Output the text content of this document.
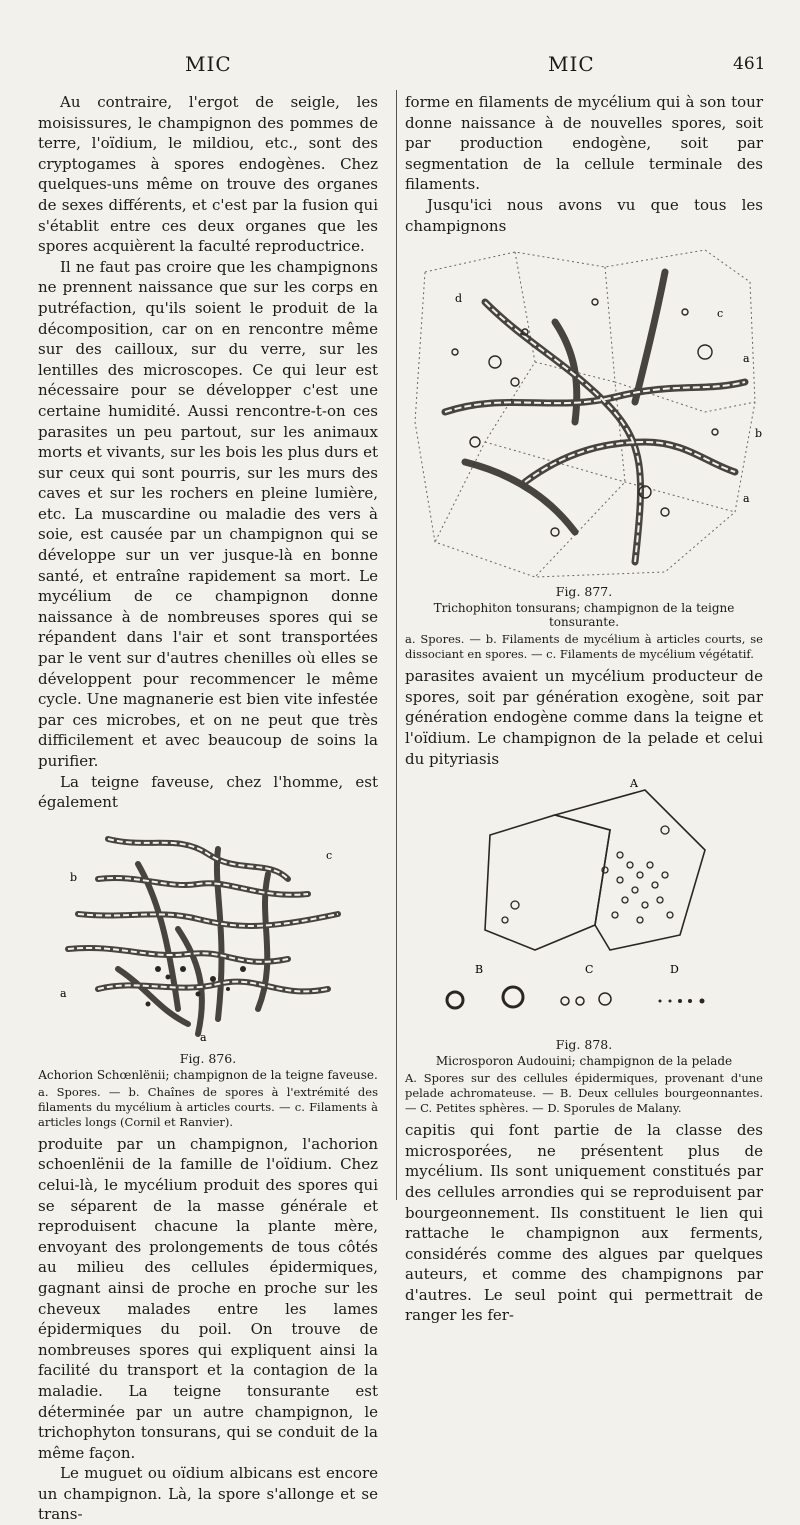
MIC	MIC	461

Au contraire, l'ergot de seigle, les moisissures, le champignon des pommes de terre, l'oïdium, le mildiou, etc., sont des cryptogames à spores endogènes. Chez quelques-uns même on trouve des organes de sexes différents, et c'est par la fusion qui s'établit entre ces deux organes que les spores acquièrent la faculté reproductrice.

Il ne faut pas croire que les champignons ne prennent naissance que sur les corps en putréfaction, qu'ils soient le produit de la décomposition, car on en rencontre même sur des cailloux, sur du verre, sur les lentilles des microscopes. Ce qui leur est nécessaire pour se développer c'est une certaine humidité. Aussi rencontre-t-on ces parasites un peu partout, sur les animaux morts et vivants, sur les bois les plus durs et sur ceux qui sont pourris, sur les murs des caves et sur les rochers en pleine lumière, etc. La muscardine ou maladie des vers à soie, est causée par un champignon qui se développe sur un ver jusque-là en bonne santé, et entraîne rapidement sa mort. Le mycélium de ce champignon donne naissance à de nombreuses spores qui se répandent dans l'air et sont transportées par le vent sur d'autres chenilles où elles se développent pour recommencer le même cycle. Une magnanerie est bien vite infestée par ces microbes, et on ne peut que très difficilement et avec beaucoup de soins la purifier.

La teigne faveuse, chez l'homme, est également

b
c
a
a
Fig. 876.
Achorion Schœnlënii; champignon de la teigne faveuse.

a. Spores. — b. Chaînes de spores à l'extrémité des filaments du mycélium à articles courts. — c. Filaments à articles longs (Cornil et Ranvier).

produite par un champignon, l'achorion schoenlënii de la famille de l'oïdium. Chez celui-là, le mycélium produit des spores qui se séparent de la masse générale et reproduisent chacune la plante mère, envoyant des prolongements de tous côtés au milieu des cellules épidermiques, gagnant ainsi de proche en proche sur les cheveux malades entre les lames épidermiques du poil. On trouve de nombreuses spores qui expliquent ainsi la facilité du transport et la contagion de la maladie. La teigne tonsurante est déterminée par un autre champignon, le trichophyton tonsurans, qui se conduit de la même façon.

Le muguet ou oïdium albicans est encore un champignon. Là, la spore s'allonge et se trans-

forme en filaments de mycélium qui à son tour donne naissance à de nouvelles spores, soit par production endogène, soit par segmentation de la cellule terminale des filaments.

Jusqu'ici nous avons vu que tous les champignons

d
c
a
b
a
Fig. 877.
Trichophiton tonsurans; champignon de la teigne tonsurante.

a. Spores. — b. Filaments de mycélium à articles courts, se dissociant en spores. — c. Filaments de mycélium végétatif.

parasites avaient un mycélium producteur de spores, soit par génération exogène, soit par génération endogène comme dans la teigne et l'oïdium. Le champignon de la pelade et celui du pityriasis

A
B	C	D
Fig. 878.
Microsporon Audouini; champignon de la pelade

A. Spores sur des cellules épidermiques, provenant d'une pelade achromateuse. — B. Deux cellules bourgeonnantes. — C. Petites sphères. — D. Sporules de Malany.

capitis qui font partie de la classe des microsporées, ne présentent plus de mycélium. Ils sont uniquement constitués par des cellules arrondies qui se reproduisent par bourgeonnement. Ils constituent le lien qui rattache le champignon aux ferments, considérés comme des algues par quelques auteurs, et comme des champignons par d'autres. Le seul point qui permettrait de ranger les fer-
